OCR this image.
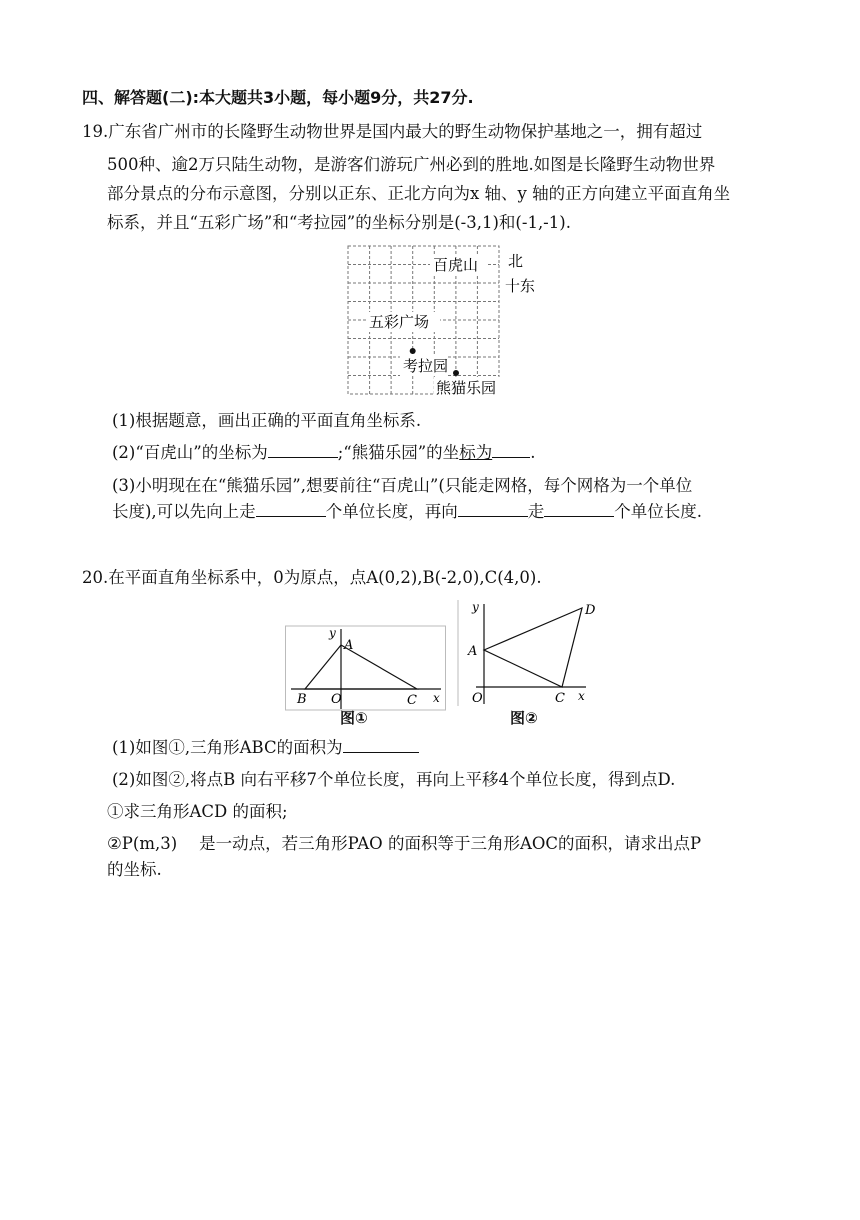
四、解答题(二):本大题共3小题，每小题9分，共27分.
19.广东省广州市的长隆野生动物世界是国内最大的野生动物保护基地之一，拥有超过
500种、逾2万只陆生动物，是游客们游玩广州必到的胜地.如图是长隆野生动物世界
部分景点的分布示意图，分别以正东、正北方向为x 轴、y 轴的正方向建立平面直角坐
标系，并且“五彩广场”和“考拉园”的坐标分别是(-3,1)和(-1,-1).
百虎山
五彩广场
考拉园
熊猫乐园
北
十东
(1)根据题意，画出正确的平面直角坐标系.
(2)“百虎山”的坐标为	;“熊猫乐园”的坐标为 .
(3)小明现在在“熊猫乐园”,想要前往“百虎山”(只能走网格，每个网格为一个单位
长度),可以先向上走	个单位长度，再向	走	个单位长度.
20.在平面直角坐标系中，0为原点，点A(0,2),B(-2,0),C(4,0).
y
A
B O	C x
图①
y
A
D
O	C x
图②
(1)如图①,三角形ABC的面积为
(2)如图②,将点B 向右平移7个单位长度，再向上平移4个单位长度，得到点D.
①求三角形ACD 的面积;
②P(m,3) 是一动点，若三角形PAO 的面积等于三角形AOC的面积，请求出点P
的坐标.
